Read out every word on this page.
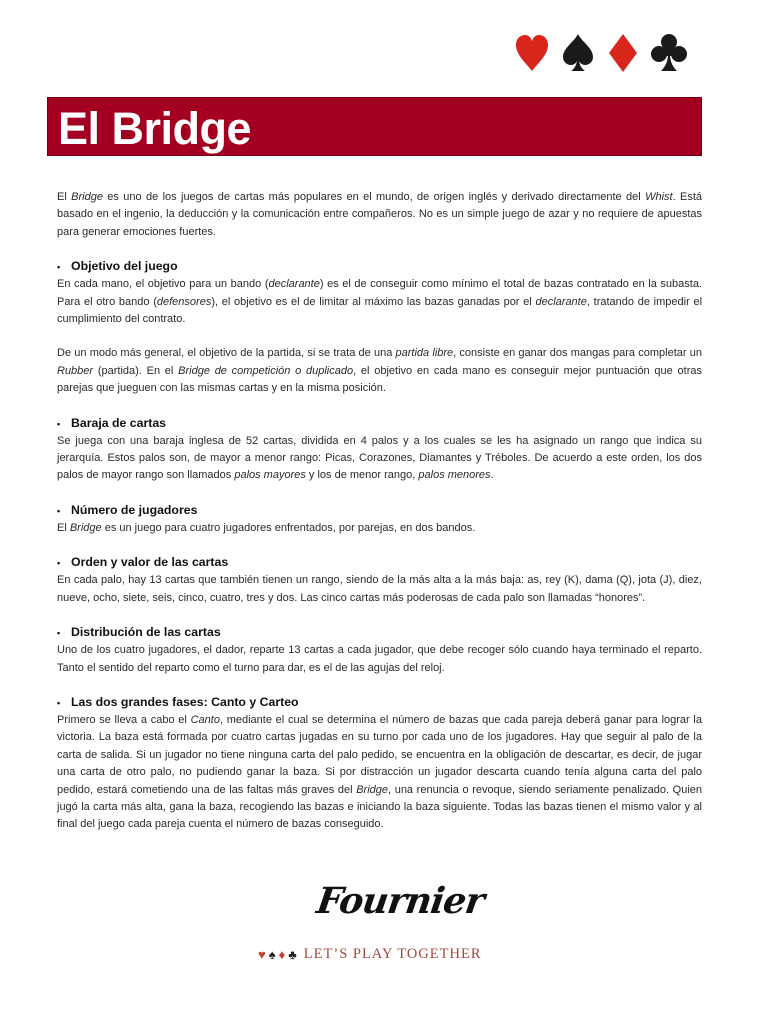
El Bridge

El Bridge es uno de los juegos de cartas más populares en el mundo, de origen inglés y derivado directamente del Whist. Está basado en el ingenio, la deducción y la comunicación entre compañeros. No es un simple juego de azar y no requiere de apuestas para generar emociones fuertes.

• Objetivo del juego

En cada mano, el objetivo para un bando (declarante) es el de conseguir como mínimo el total de bazas contratado en la subasta. Para el otro bando (defensores), el objetivo es el de limitar al máximo las bazas ganadas por el declarante, tratando de impedir el cumplimiento del contrato.

De un modo más general, el objetivo de la partida, si se trata de una partida libre, consiste en ganar dos mangas para completar un Rubber (partida). En el Bridge de competición o duplicado, el objetivo en cada mano es conseguir mejor puntuación que otras parejas que jueguen con las mismas cartas y en la misma posición.

• Baraja de cartas

Se juega con una baraja inglesa de 52 cartas, dividida en 4 palos y a los cuales se les ha asignado un rango que indica su jerarquía. Estos palos son, de mayor a menor rango: Picas, Corazones, Diamantes y Tréboles. De acuerdo a este orden, los dos palos de mayor rango son llamados palos mayores y los de menor rango, palos menores.

• Número de jugadores

El Bridge es un juego para cuatro jugadores enfrentados, por parejas, en dos bandos.

• Orden y valor de las cartas

En cada palo, hay 13 cartas que también tienen un rango, siendo de la más alta a la más baja: as, rey (K), dama (Q), jota (J), diez, nueve, ocho, siete, seis, cinco, cuatro, tres y dos. Las cinco cartas más poderosas de cada palo son llamadas “honores”.

• Distribución de las cartas

Uno de los cuatro jugadores, el dador, reparte 13 cartas a cada jugador, que debe recoger sólo cuando haya terminado el reparto. Tanto el sentido del reparto como el turno para dar, es el de las agujas del reloj.

• Las dos grandes fases: Canto y Carteo

Primero se lleva a cabo el Canto, mediante el cual se determina el número de bazas que cada pareja deberá ganar para lograr la victoria. La baza está formada por cuatro cartas jugadas en su turno por cada uno de los jugadores. Hay que seguir al palo de la carta de salida. Si un jugador no tiene ninguna carta del palo pedido, se encuentra en la obligación de descartar, es decir, de jugar una carta de otro palo, no pudiendo ganar la baza. Si por distracción un jugador descarta cuando tenía alguna carta del palo pedido, estará cometiendo una de las faltas más graves del Bridge, una renuncia o revoque, siendo seriamente penalizado. Quien jugó la carta más alta, gana la baza, recogiendo las bazas e iniciando la baza siguiente. Todas las bazas tienen el mismo valor y al final del juego cada pareja cuenta el número de bazas conseguido.

Fournier
♥ ♠ ♦ ♣ LET’S PLAY TOGETHER
